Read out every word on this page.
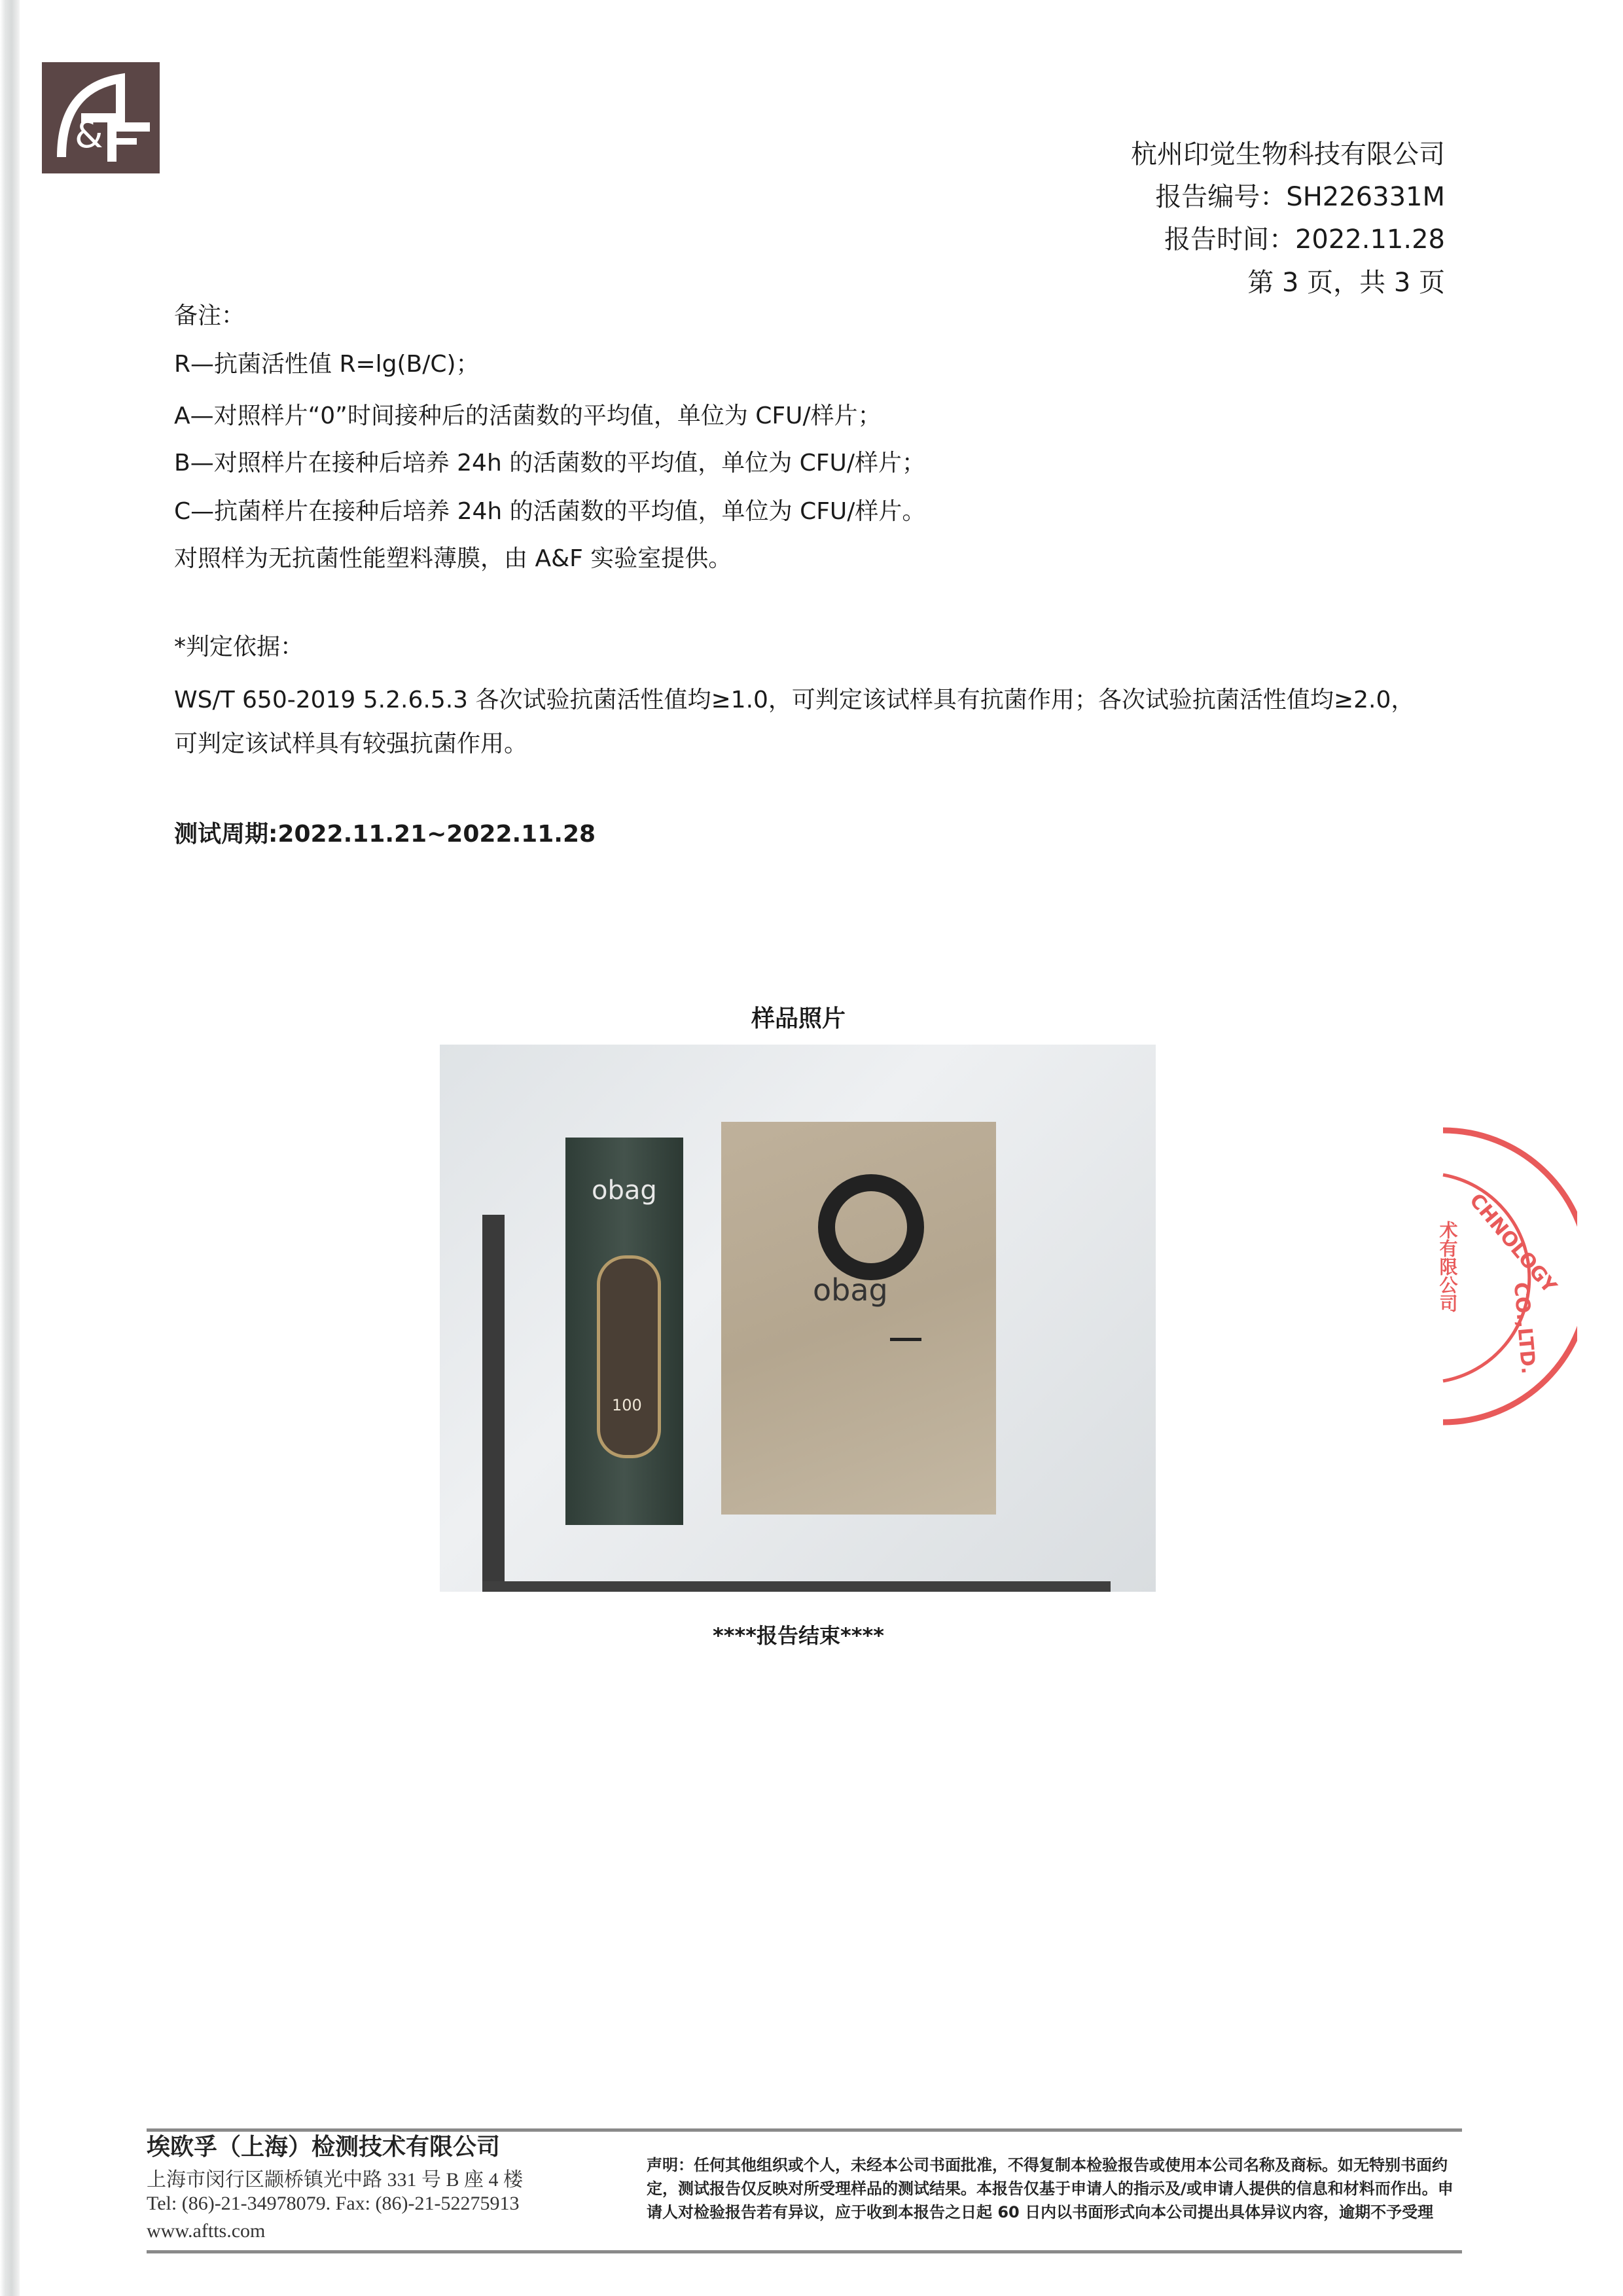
&	杭州印觉生物科技有限公司
报告编号：SH226331M
报告时间：2022.11.28
第 3 页，共 3 页
备注：
R—抗菌活性值 R=lg(B/C)；
A—对照样片“0”时间接种后的活菌数的平均值，单位为 CFU/样片；
B—对照样片在接种后培养 24h 的活菌数的平均值，单位为 CFU/样片；
C—抗菌样片在接种后培养 24h 的活菌数的平均值，单位为 CFU/样片。
对照样为无抗菌性能塑料薄膜，由 A&F 实验室提供。
*判定依据：
WS/T 650-2019 5.2.6.5.3 各次试验抗菌活性值均≥1.0，可判定该试样具有抗菌作用；各次试验抗菌活性值均≥2.0，
可判定该试样具有较强抗菌作用。
测试周期:2022.11.21~2022.11.28
样品照片
obag
100
obag
****报告结束****
CHNOLOGY
CO.,LTD.
术有限公司
埃欧孚（上海）检测技术有限公司
上海市闵行区颛桥镇光中路 331 号 B 座 4 楼
Tel: (86)-21-34978079. Fax: (86)-21-52275913
www.aftts.com
声明：任何其他组织或个人，未经本公司书面批准，不得复制本检验报告或使用本公司名称及商标。如无特别书面约定，测试报告仅反映对所受理样品的测试结果。本报告仅基于申请人的指示及/或申请人提供的信息和材料而作出。申请人对检验报告若有异议，应于收到本报告之日起 60 日内以书面形式向本公司提出具体异议内容，逾期不予受理
